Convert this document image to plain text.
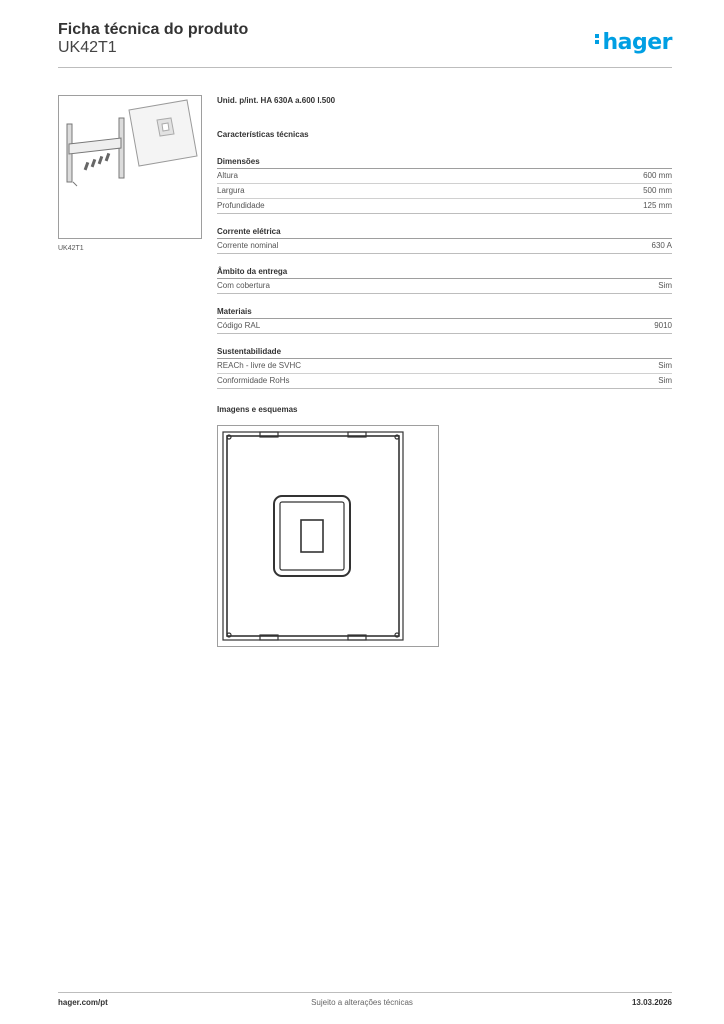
Ficha técnica do produto
UK42T1	hager
UK42T1
Unid. p/int. HA 630A a.600 l.500
Características técnicas
Dimensões
Altura	600 mm
Largura	500 mm
Profundidade	125 mm
Corrente elétrica
Corrente nominal	630 A
Âmbito da entrega
Com cobertura	Sim
Materiais
Código RAL	9010
Sustentabilidade
REACh - livre de SVHC	Sim
Conformidade RoHs	Sim
Imagens e esquemas
hager.com/pt	Sujeito a alterações técnicas	13.03.2026
